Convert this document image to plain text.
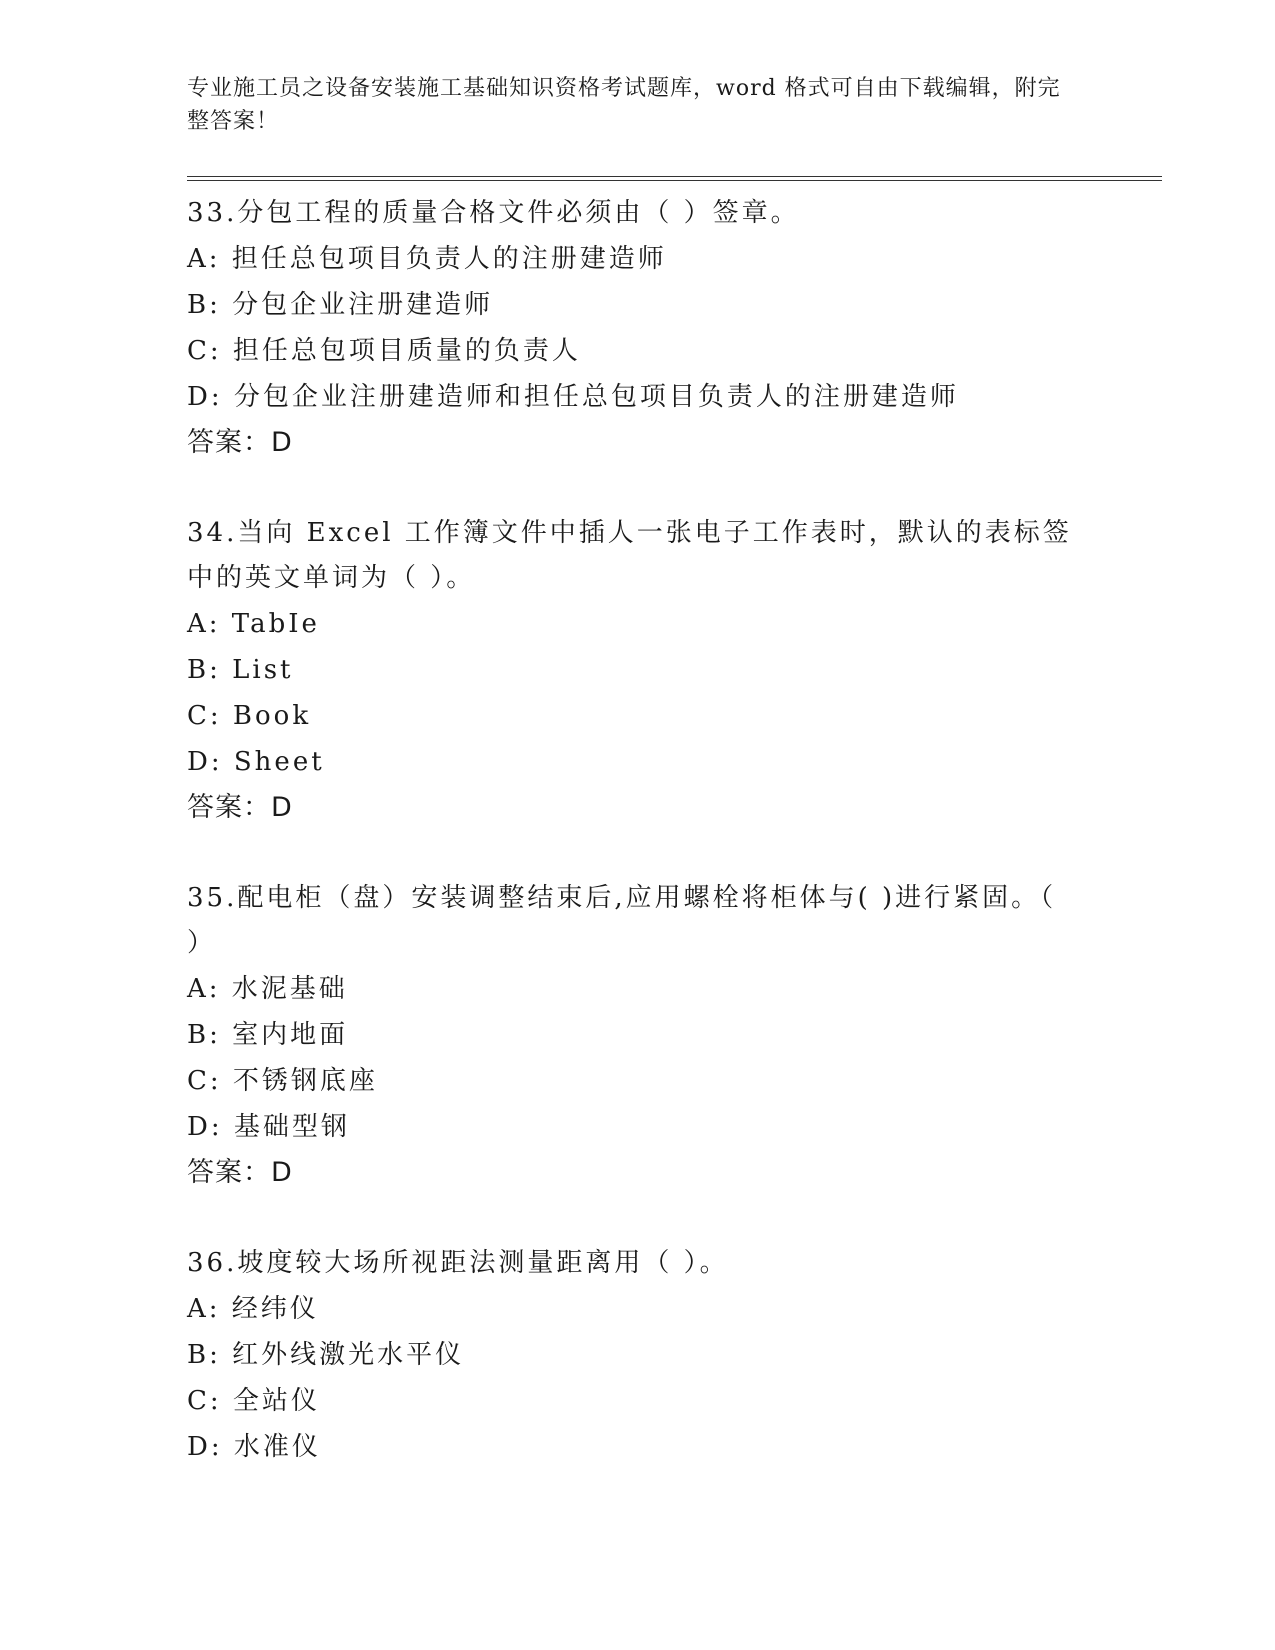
专业施工员之设备安装施工基础知识资格考试题库，word 格式可自由下载编辑，附完整答案！

33.分包工程的质量合格文件必须由（ ）签章。

A: 担任总包项目负责人的注册建造师

B: 分包企业注册建造师

C: 担任总包项目质量的负责人

D: 分包企业注册建造师和担任总包项目负责人的注册建造师

答案：D

34.当向 Excel 工作簿文件中插人一张电子工作表时，默认的表标签中的英文单词为（ ）。

A: TabIe

B: List

C: Book

D: Sheet

答案：D

35.配电柜（盘）安装调整结束后,应用螺栓将柜体与( )进行紧固。（ ）

A: 水泥基础

B: 室内地面

C: 不锈钢底座

D: 基础型钢

答案：D

36.坡度较大场所视距法测量距离用（ ）。

A: 经纬仪

B: 红外线激光水平仪

C: 全站仪

D: 水准仪
